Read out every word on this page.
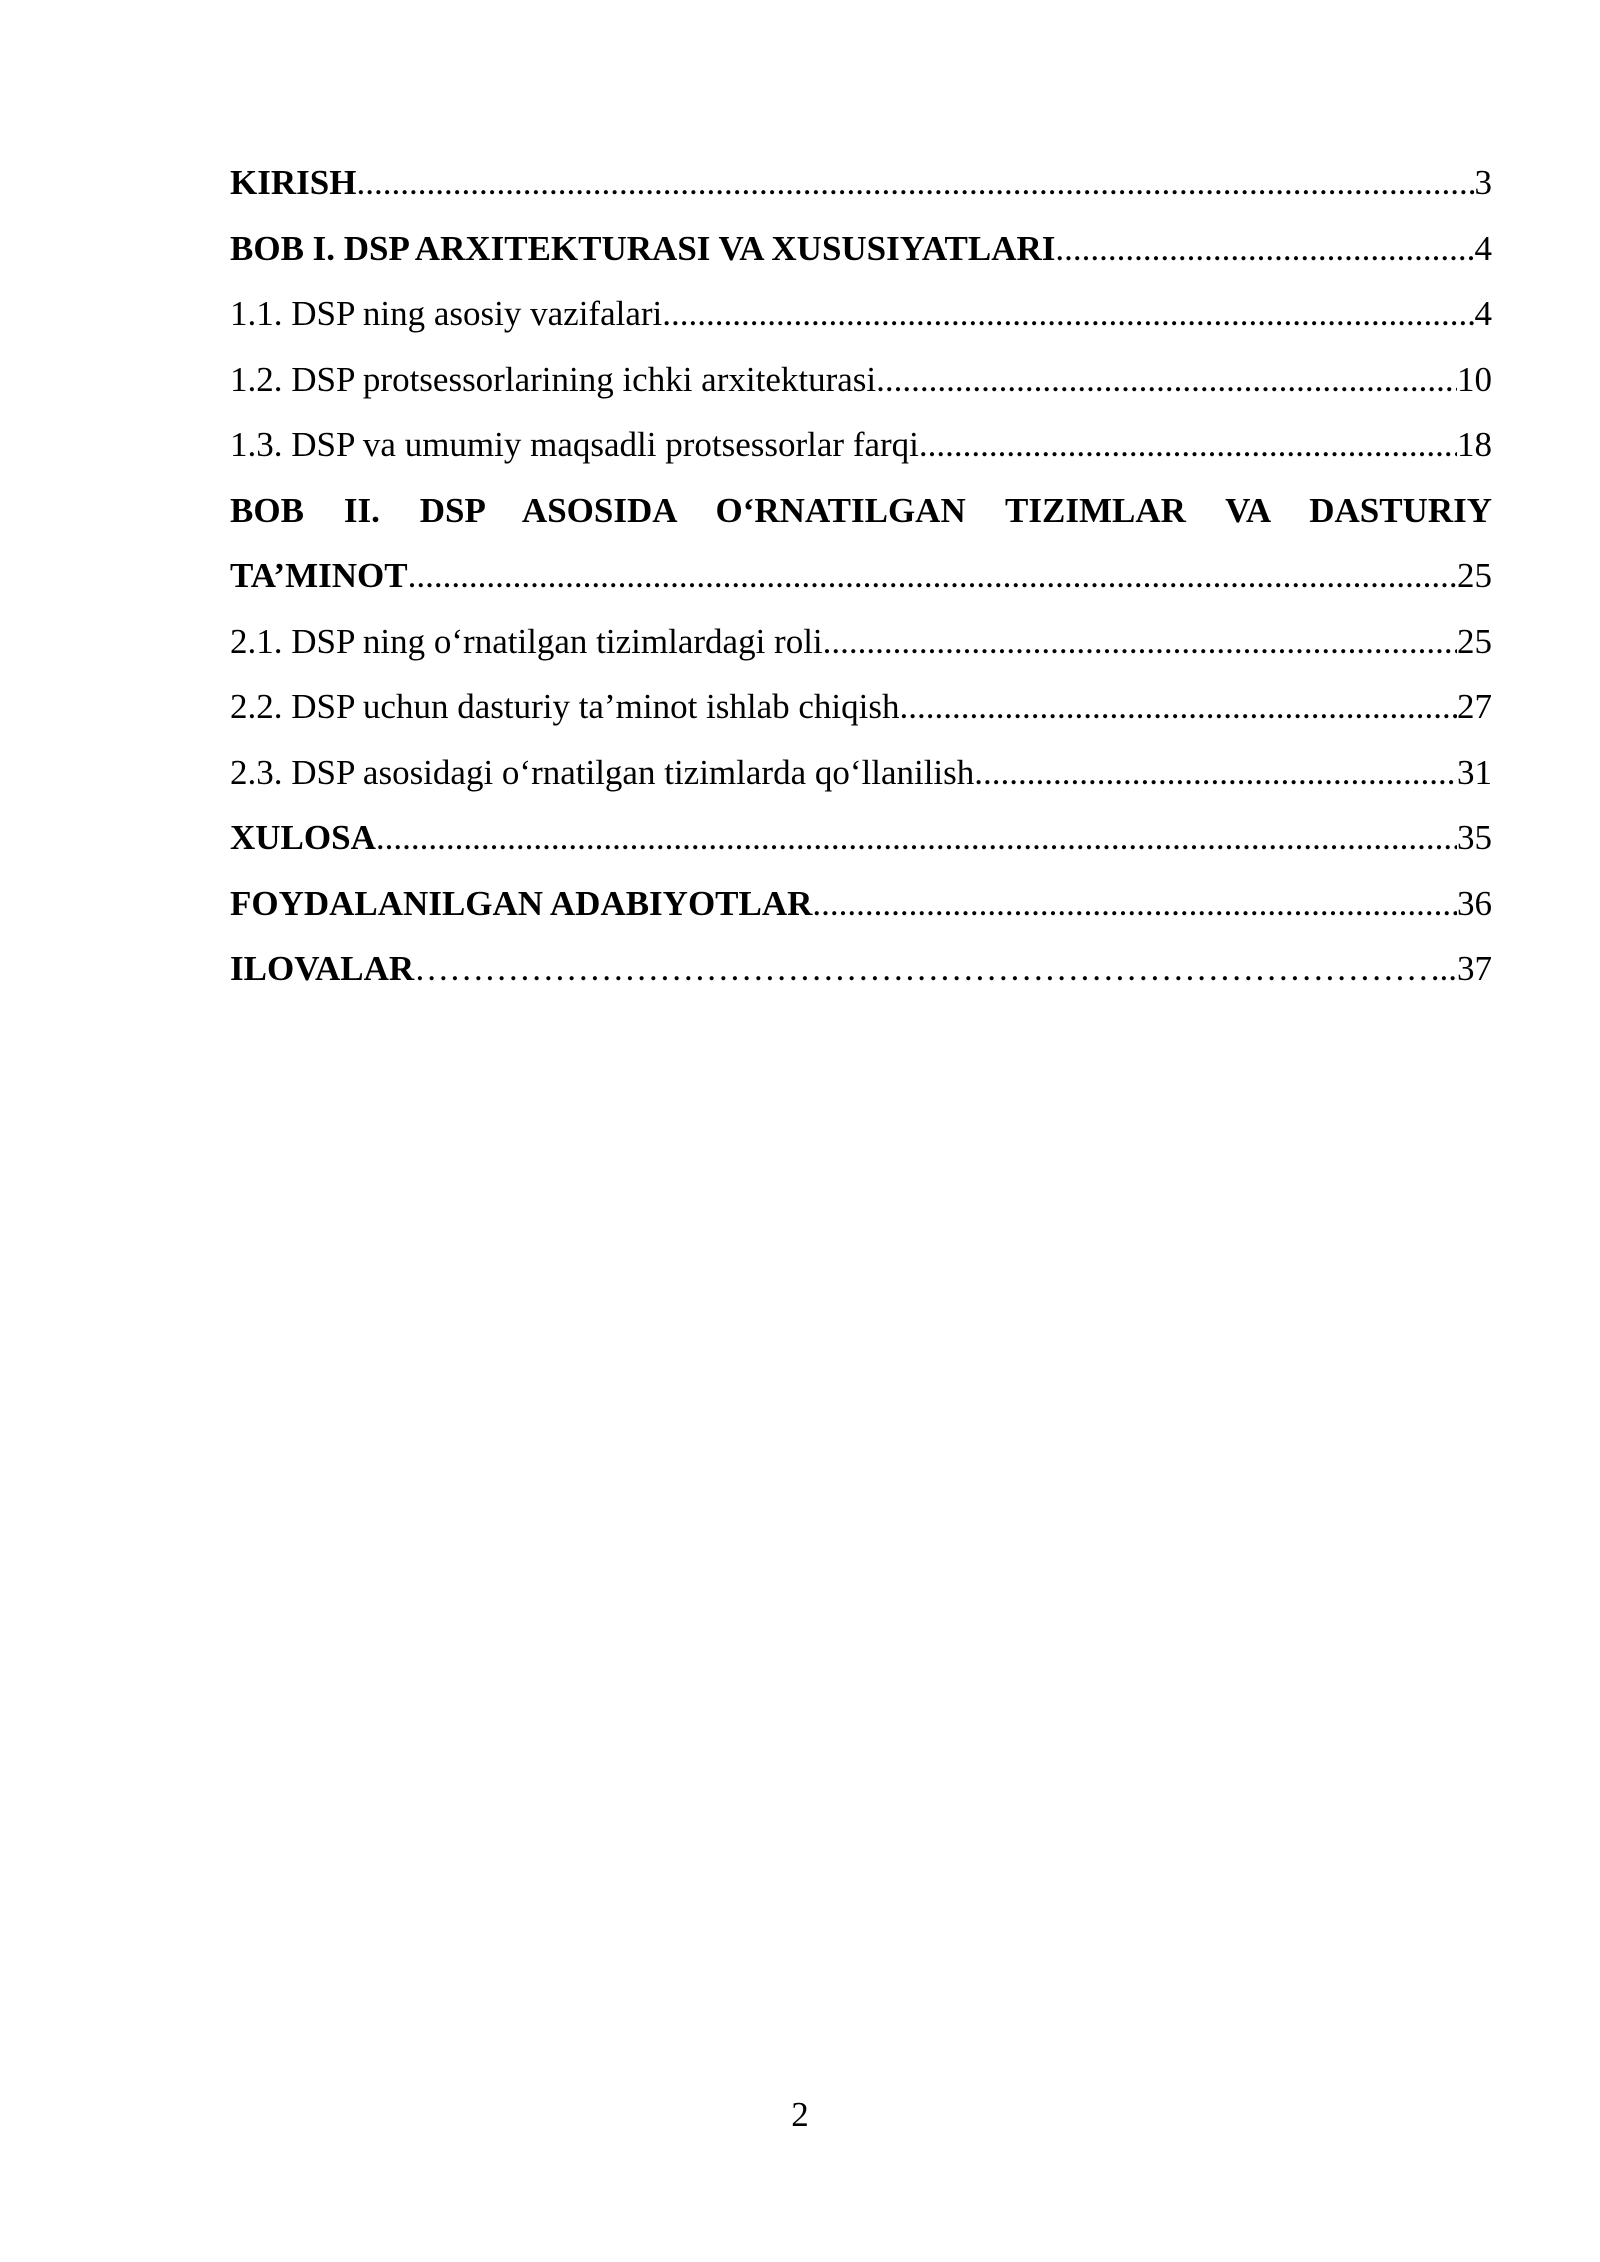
KIRISH .....	3
BOB I. DSP ARXITEKTURASI VA XUSUSIYATLARI .....	4
1.1. DSP ning asosiy vazifalari .....	4
1.2. DSP protsessorlarining ichki arxitekturasi .....	10
1.3. DSP va umumiy maqsadli protsessorlar farqi .....	18
BOB II. DSP ASOSIDA O‘RNATILGAN TIZIMLAR VA DASTURIY
TA’MINOT .....	25
2.1. DSP ning o‘rnatilgan tizimlardagi roli .....	25
2.2. DSP uchun dasturiy ta’minot ishlab chiqish .....	27
2.3. DSP asosidagi o‘rnatilgan tizimlarda qo‘llanilish .....	31
XULOSA .....	35
FOYDALANILGAN ADABIYOTLAR .....	36
ILOVALAR ……………………………………………………………………………………………………………………………………………………………………………………………………	...37
2
